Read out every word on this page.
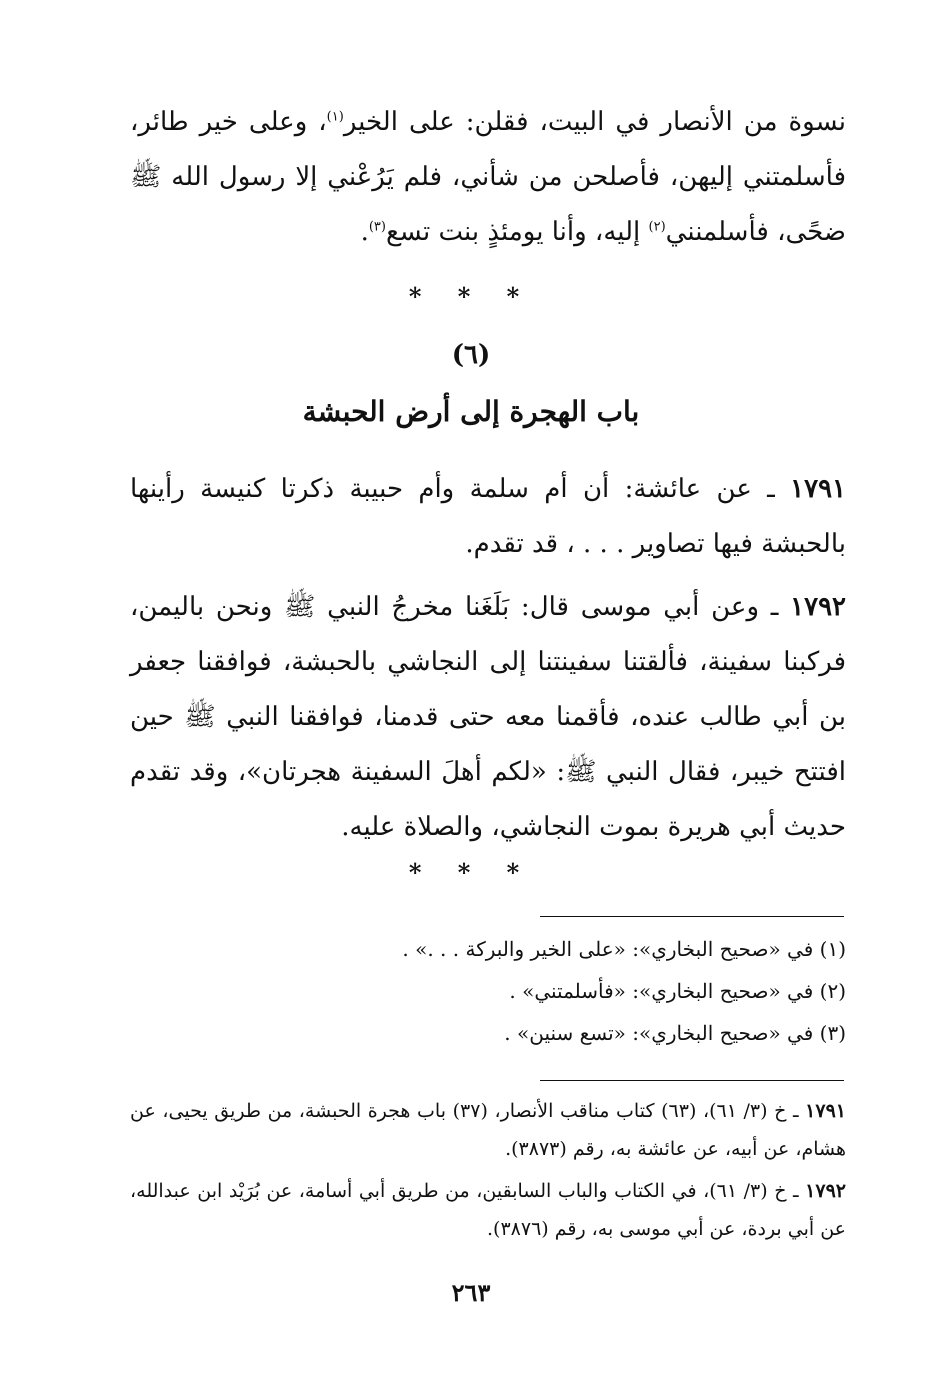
نسوة من الأنصار في البيت، فقلن: على الخير$^{(١)}$، وعلى خير طائر، فأسلمتني إليهن، فأصلحن من شأني، فلم يَرُعْني إلا رسول الله ﷺ ضحًى، فأسلمنني$^{(٢)}$ إليه، وأنا يومئذٍ بنت تسع$^{(٣)}$.

* * *
(٦)
باب الهجرة إلى أرض الحبشة

١٧٩١ ـ عن عائشة: أن أم سلمة وأم حبيبة ذكرتا كنيسة رأينها بالحبشة فيها تصاوير . . . ، قد تقدم.

١٧٩٢ ـ وعن أبي موسى قال: بَلَغَنا مخرجُ النبي ﷺ ونحن باليمن، فركبنا سفينة، فألقتنا سفينتنا إلى النجاشي بالحبشة، فوافقنا جعفر بن أبي طالب عنده، فأقمنا معه حتى قدمنا، فوافقنا النبي ﷺ حين افتتح خيبر، فقال النبي ﷺ: «لكم أهلَ السفينة هجرتان»، وقد تقدم حديث أبي هريرة بموت النجاشي، والصلاة عليه.

* * *
(١) في «صحيح البخاري»: «على الخير والبركة . . .» .
(٢) في «صحيح البخاري»: «فأسلمتني» .
(٣) في «صحيح البخاري»: «تسع سنين» .

١٧٩١ ـ خ (٣/ ٦١)، (٦٣) كتاب مناقب الأنصار، (٣٧) باب هجرة الحبشة، من طريق يحيى، عن هشام، عن أبيه، عن عائشة به، رقم (٣٨٧٣).

١٧٩٢ ـ خ (٣/ ٦١)، في الكتاب والباب السابقين، من طريق أبي أسامة، عن بُرَيْد ابن عبدالله، عن أبي بردة، عن أبي موسى به، رقم (٣٨٧٦).

٢٦٣
